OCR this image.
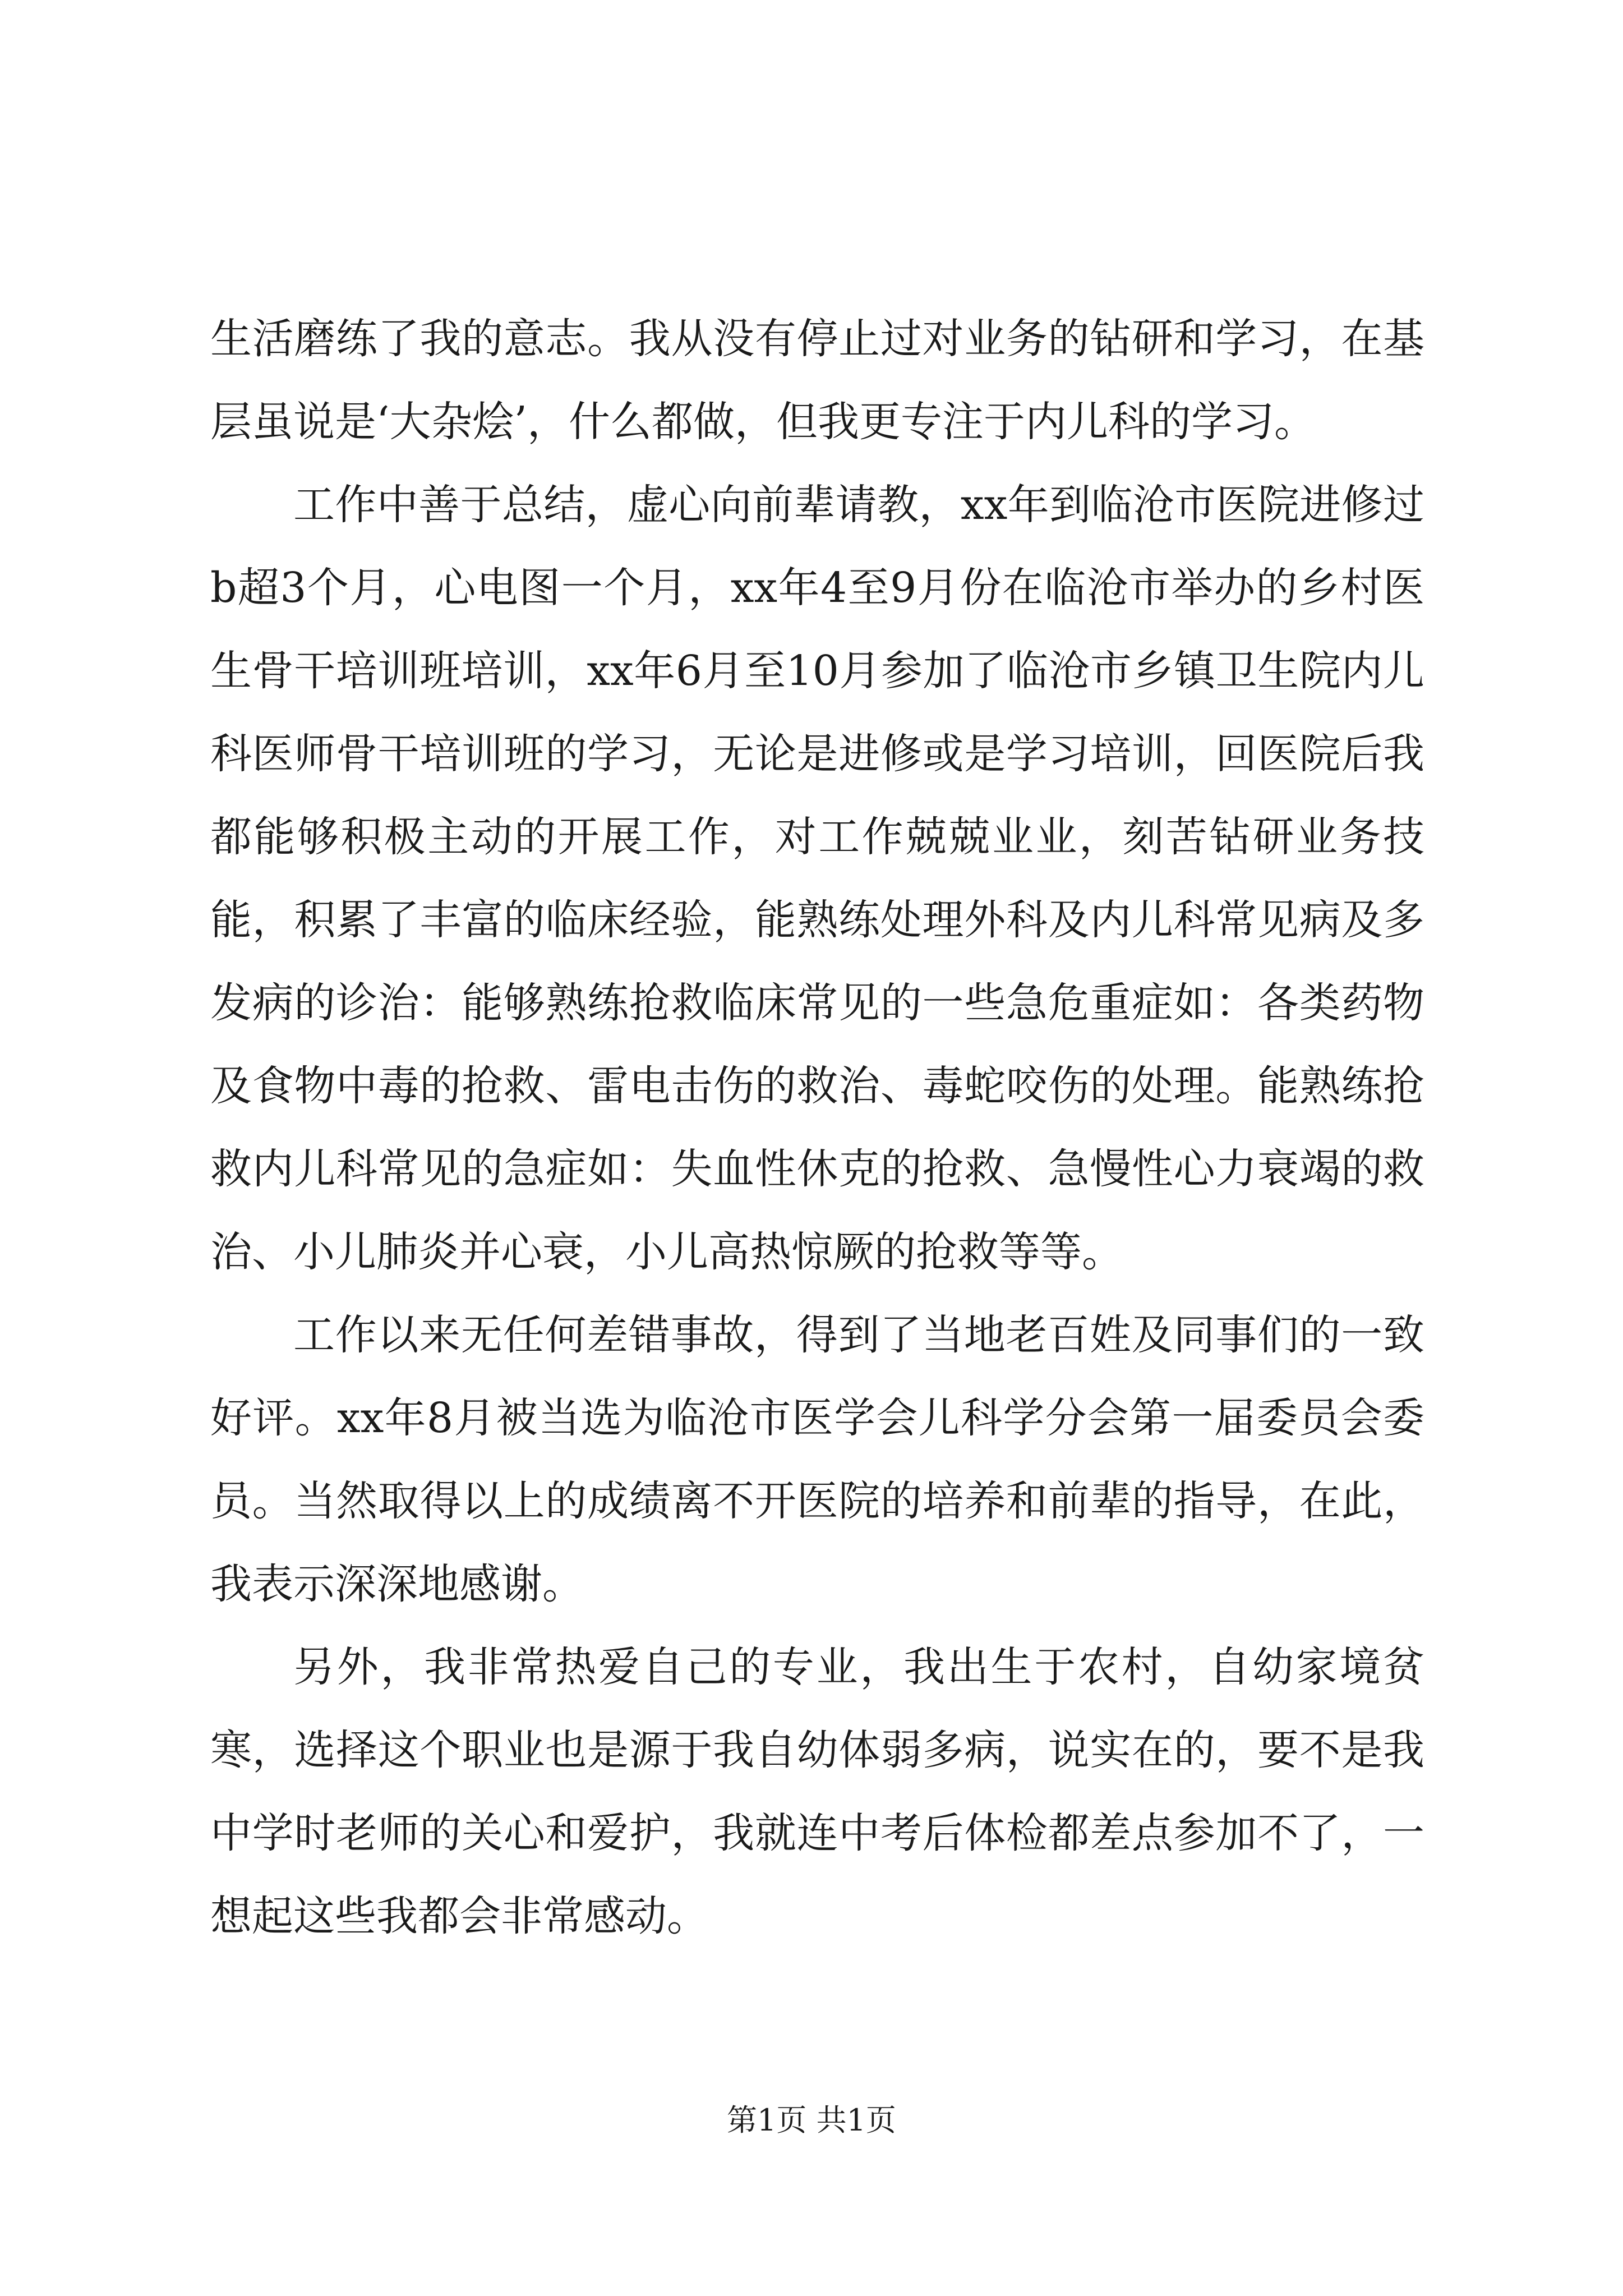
生活磨练了我的意志。我从没有停止过对业务的钻研和学习，在基层虽说是‘大杂烩’，什么都做，但我更专注于内儿科的学习。

工作中善于总结，虚心向前辈请教，xx年到临沧市医院进修过b超3个月，心电图一个月，xx年4至9月份在临沧市举办的乡村医生骨干培训班培训，xx年6月至10月参加了临沧市乡镇卫生院内儿科医师骨干培训班的学习，无论是进修或是学习培训，回医院后我都能够积极主动的开展工作，对工作兢兢业业，刻苦钻研业务技能，积累了丰富的临床经验，能熟练处理外科及内儿科常见病及多发病的诊治：能够熟练抢救临床常见的一些急危重症如：各类药物及食物中毒的抢救、雷电击伤的救治、毒蛇咬伤的处理。能熟练抢救内儿科常见的急症如：失血性休克的抢救、急慢性心力衰竭的救治、小儿肺炎并心衰，小儿高热惊厥的抢救等等。

工作以来无任何差错事故，得到了当地老百姓及同事们的一致好评。xx年8月被当选为临沧市医学会儿科学分会第一届委员会委员。当然取得以上的成绩离不开医院的培养和前辈的指导，在此，我表示深深地感谢。

另外，我非常热爱自己的专业，我出生于农村，自幼家境贫寒，选择这个职业也是源于我自幼体弱多病，说实在的，要不是我中学时老师的关心和爱护，我就连中考后体检都差点参加不了，一想起这些我都会非常感动。

第1页 共1页
